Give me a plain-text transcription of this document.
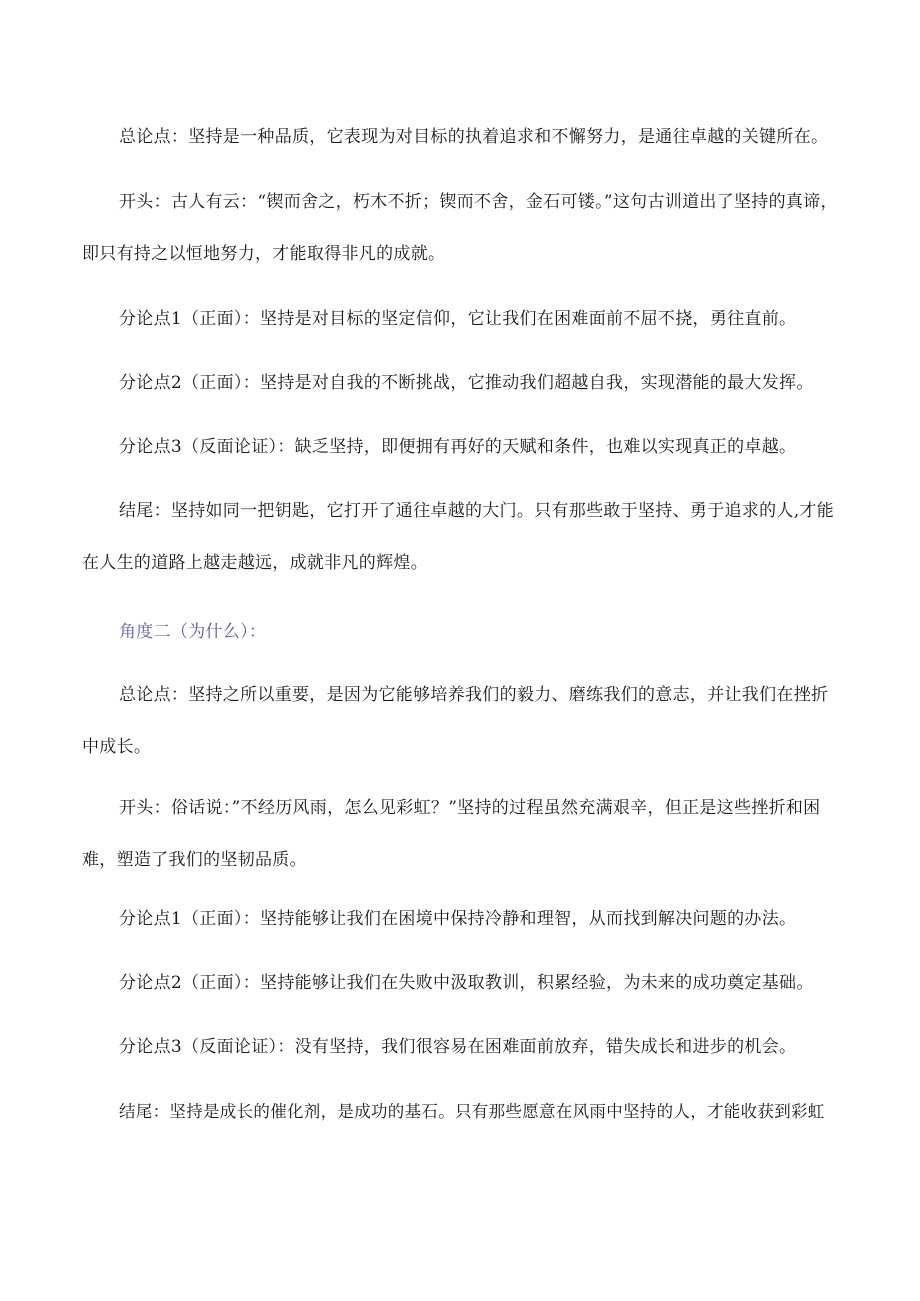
总论点：坚持是一种品质，它表现为对目标的执着追求和不懈努力，是通往卓越的关键所在。

开头：古人有云：“锲而舍之，朽木不折；锲而不舍，金石可镂。”这句古训道出了坚持的真谛，即只有持之以恒地努力，才能取得非凡的成就。

分论点1（正面）：坚持是对目标的坚定信仰，它让我们在困难面前不屈不挠，勇往直前。

分论点2（正面）：坚持是对自我的不断挑战，它推动我们超越自我，实现潜能的最大发挥。

分论点3（反面论证）：缺乏坚持，即便拥有再好的天赋和条件，也难以实现真正的卓越。

结尾：坚持如同一把钥匙，它打开了通往卓越的大门。只有那些敢于坚持、勇于追求的人,才能在人生的道路上越走越远，成就非凡的辉煌。

角度二（为什么）：

总论点：坚持之所以重要，是因为它能够培养我们的毅力、磨练我们的意志，并让我们在挫折中成长。

开头：俗话说：”不经历风雨，怎么见彩虹？”坚持的过程虽然充满艰辛，但正是这些挫折和困难，塑造了我们的坚韧品质。

分论点1（正面）：坚持能够让我们在困境中保持冷静和理智，从而找到解决问题的办法。

分论点2（正面）：坚持能够让我们在失败中汲取教训，积累经验，为未来的成功奠定基础。

分论点3（反面论证）：没有坚持，我们很容易在困难面前放弃，错失成长和进步的机会。

结尾：坚持是成长的催化剂，是成功的基石。只有那些愿意在风雨中坚持的人，才能收获到彩虹
